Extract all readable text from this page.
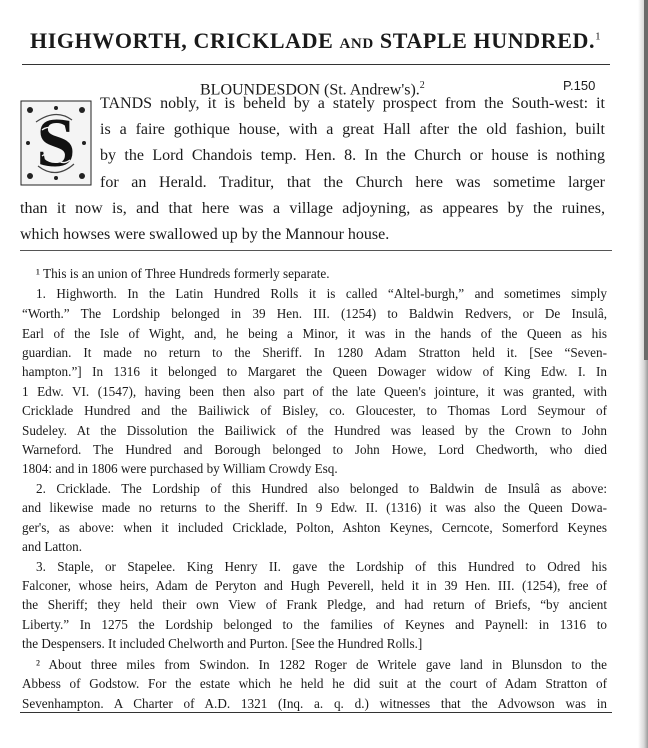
HIGHWORTH, CRICKLADE AND STAPLE HUNDRED.$^1$
BLOUNDESDON (St. Andrew's).$^2$	P.150
S
TANDS nobly, it is beheld by a stately prospect from the South-west: it
is a faire gothique house, with a great Hall after the old fashion, built
by the Lord Chandois temp. Hen. 8. In the Church or house is nothing
for an Herald. Traditur, that the Church here was sometime larger
than it now is, and that here was a village adjoyning, as appeares by the ruines,
which howses were swallowed up by the Mannour house.
¹ This is an union of Three Hundreds formerly separate.
1. Highworth. In the Latin Hundred Rolls it is called “Altel-burgh,” and sometimes simply
“Worth.” The Lordship belonged in 39 Hen. III. (1254) to Baldwin Redvers, or De Insulâ,
Earl of the Isle of Wight, and, he being a Minor, it was in the hands of the Queen as his
guardian. It made no return to the Sheriff. In 1280 Adam Stratton held it. [See “Seven-
hampton.”] In 1316 it belonged to Margaret the Queen Dowager widow of King Edw. I. In
1 Edw. VI. (1547), having been then also part of the late Queen's jointure, it was granted, with
Cricklade Hundred and the Bailiwick of Bisley, co. Gloucester, to Thomas Lord Seymour of
Sudeley. At the Dissolution the Bailiwick of the Hundred was leased by the Crown to John
Warneford. The Hundred and Borough belonged to John Howe, Lord Chedworth, who died
1804: and in 1806 were purchased by William Crowdy Esq.
2. Cricklade. The Lordship of this Hundred also belonged to Baldwin de Insulâ as above:
and likewise made no returns to the Sheriff. In 9 Edw. II. (1316) it was also the Queen Dowa-
ger's, as above: when it included Cricklade, Polton, Ashton Keynes, Cerncote, Somerford Keynes
and Latton.
3. Staple, or Stapelee. King Henry II. gave the Lordship of this Hundred to Odred his
Falconer, whose heirs, Adam de Peryton and Hugh Peverell, held it in 39 Hen. III. (1254), free of
the Sheriff; they held their own View of Frank Pledge, and had return of Briefs, “by ancient
Liberty.” In 1275 the Lordship belonged to the families of Keynes and Paynell: in 1316 to
the Despensers. It included Chelworth and Purton. [See the Hundred Rolls.]
² About three miles from Swindon. In 1282 Roger de Writele gave land in Blunsdon to the
Abbess of Godstow. For the estate which he held he did suit at the court of Adam Stratton of
Sevenhampton. A Charter of A.D. 1321 (Inq. a. q. d.) witnesses that the Advowson was in
